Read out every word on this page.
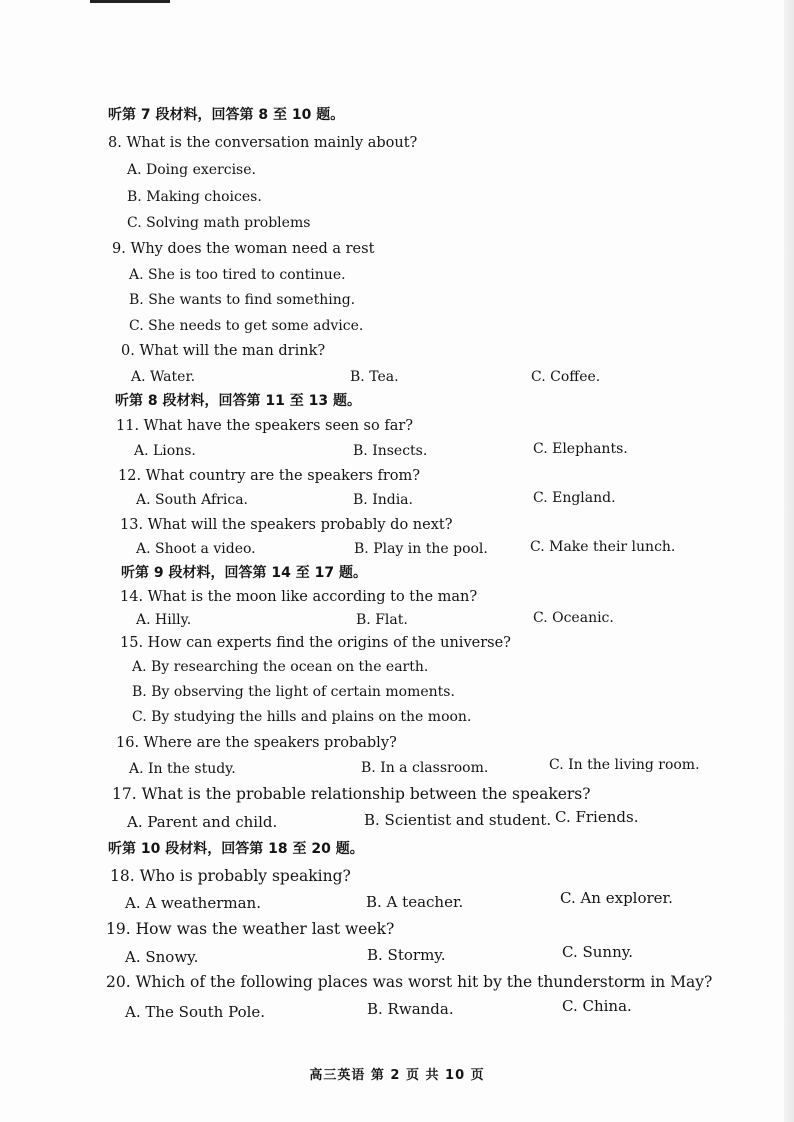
听第 7 段材料，回答第 8 至 10 题。
8. What is the conversation mainly about?
A. Doing exercise.
B. Making choices.
C. Solving math problems
9. Why does the woman need a rest
A. She is too tired to continue.
B. She wants to find something.
C. She needs to get some advice.
0. What will the man drink?
A. Water.	B. Tea.	C. Coffee.
听第 8 段材料，回答第 11 至 13 题。
11. What have the speakers seen so far?
A. Lions.	B. Insects.	C. Elephants.
12. What country are the speakers from?
A. South Africa.	B. India.	C. England.
13. What will the speakers probably do next?
A. Shoot a video.	B. Play in the pool.	C. Make their lunch.
听第 9 段材料，回答第 14 至 17 题。
14. What is the moon like according to the man?
A. Hilly.	B. Flat.	C. Oceanic.
15. How can experts find the origins of the universe?
A. By researching the ocean on the earth.
B. By observing the light of certain moments.
C. By studying the hills and plains on the moon.
16. Where are the speakers probably?
A. In the study.	B. In a classroom.	C. In the living room.
17. What is the probable relationship between the speakers?
A. Parent and child.	B. Scientist and student. C. Friends.
听第 10 段材料，回答第 18 至 20 题。
18. Who is probably speaking?
A. A weatherman.	B. A teacher.	C. An explorer.
19. How was the weather last week?
A. Snowy.	B. Stormy.	C. Sunny.
20. Which of the following places was worst hit by the thunderstorm in May?
A. The South Pole.	B. Rwanda.	C. China.
高三英语 第 2 页 共 10 页
